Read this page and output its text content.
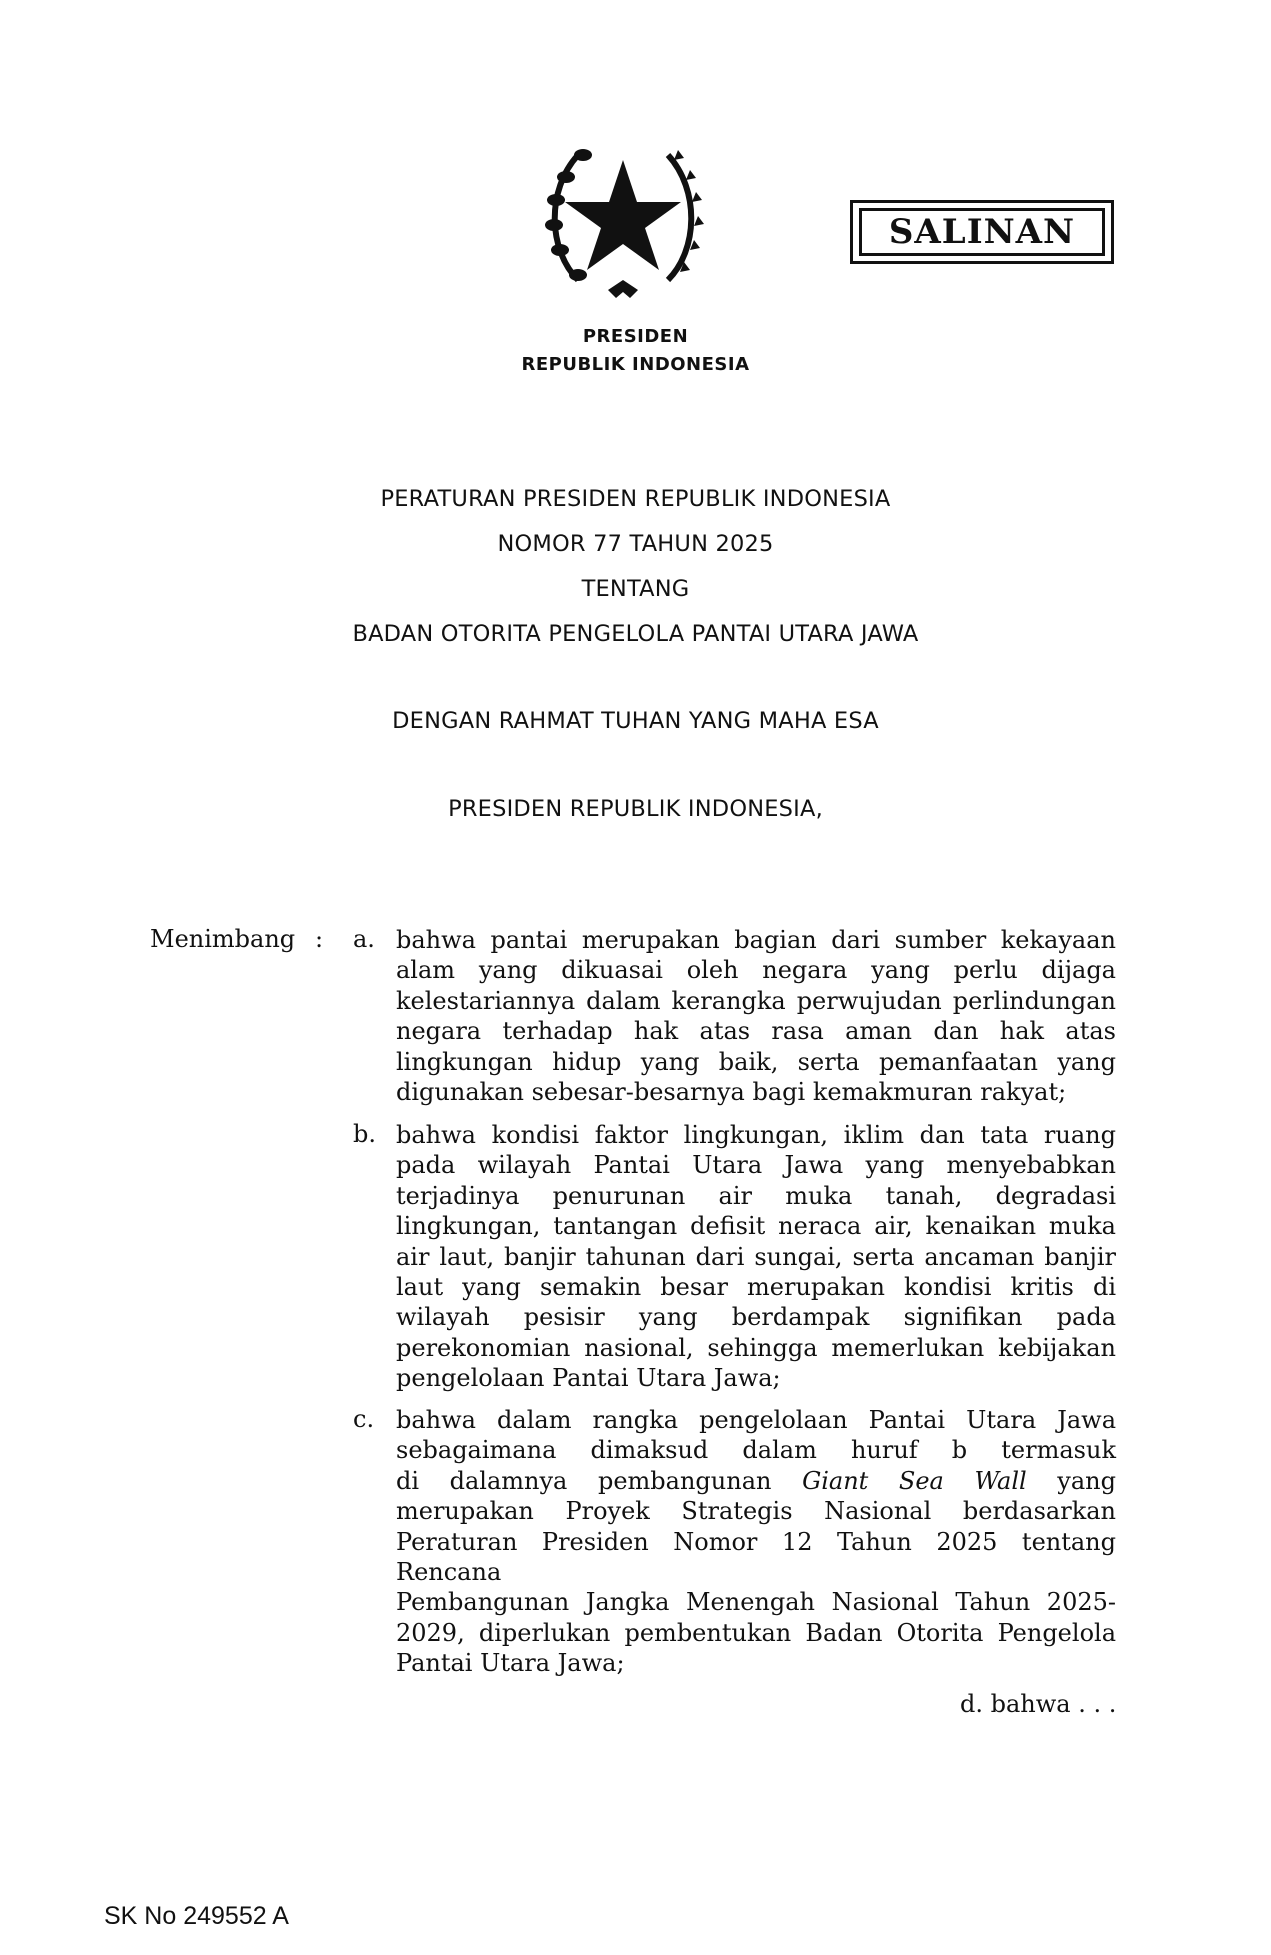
SALINAN
PRESIDEN
REPUBLIK INDONESIA
PERATURAN PRESIDEN REPUBLIK INDONESIA
NOMOR 77 TAHUN 2025
TENTANG
BADAN OTORITA PENGELOLA PANTAI UTARA JAWA
DENGAN RAHMAT TUHAN YANG MAHA ESA
PRESIDEN REPUBLIK INDONESIA,
Menimbang : a. bahwa pantai merupakan bagian dari sumber kekayaan
alam yang dikuasai oleh negara yang perlu dijaga
kelestariannya dalam kerangka perwujudan perlindungan
negara terhadap hak atas rasa aman dan hak atas
lingkungan hidup yang baik, serta pemanfaatan yang
digunakan sebesar-besarnya bagi kemakmuran rakyat;
b. bahwa kondisi faktor lingkungan, iklim dan tata ruang
pada wilayah Pantai Utara Jawa yang menyebabkan
terjadinya penurunan air muka tanah, degradasi
lingkungan, tantangan defisit neraca air, kenaikan muka
air laut, banjir tahunan dari sungai, serta ancaman banjir
laut yang semakin besar merupakan kondisi kritis di
wilayah pesisir yang berdampak signifikan pada
perekonomian nasional, sehingga memerlukan kebijakan
pengelolaan Pantai Utara Jawa;
c. bahwa dalam rangka pengelolaan Pantai Utara Jawa
sebagaimana dimaksud dalam huruf b termasuk
di dalamnya pembangunan Giant Sea Wall yang
merupakan Proyek Strategis Nasional berdasarkan
Peraturan Presiden Nomor 12 Tahun 2025 tentang Rencana
Pembangunan Jangka Menengah Nasional Tahun 2025-
2029, diperlukan pembentukan Badan Otorita Pengelola
Pantai Utara Jawa;
d. bahwa . . .
SK No 249552 A
